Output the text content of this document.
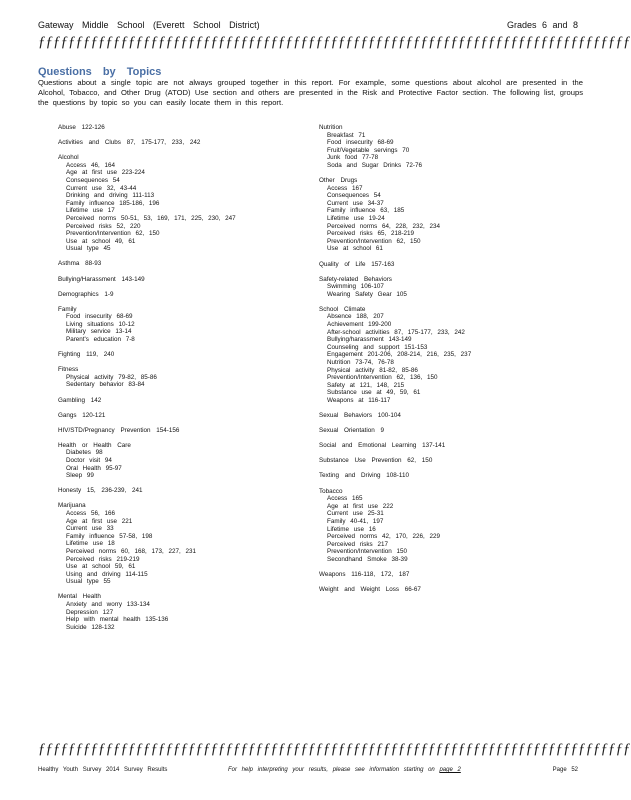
Gateway Middle School (Everett School District)	Grades 6 and 8
ƒƒƒƒƒƒƒƒƒƒƒƒƒƒƒƒƒƒƒƒƒƒƒƒƒƒƒƒƒƒƒƒƒƒƒƒƒƒƒƒƒƒƒƒƒƒƒƒƒƒƒƒƒƒƒƒƒƒƒƒƒƒƒƒƒƒƒƒƒƒƒƒƒƒƒƒƒƒƒ
Questions by Topics
Questions about a single topic are not always grouped together in this report. For example, some questions about alcohol are presented in the Alcohol, Tobacco, and Other Drug (ATOD) Use section and others are presented in the Risk and Protective Factor section. The following list, groups the questions by topic so you can easily locate them in this report.
Abuse 122-126
Activities and Clubs 87, 175-177, 233, 242
Alcohol
Access 46, 164
Age at first use 223-224
Consequences 54
Current use 32, 43-44
Drinking and driving 111-113
Family influence 185-186, 196
Lifetime use 17
Perceived norms 50-51, 53, 169, 171, 225, 230, 247
Perceived risks 52, 220
Prevention/Intervention 62, 150
Use at school 49, 61
Usual type 45
Asthma 88-93
Bullying/Harassment 143-149
Demographics 1-9
Family
Food insecurity 68-69
Living situations 10-12
Military service 13-14
Parent's education 7-8
Fighting 119, 240
Fitness
Physical activity 79-82, 85-86
Sedentary behavior 83-84
Gambling 142
Gangs 120-121
HIV/STD/Pregnancy Prevention 154-156
Health or Health Care
Diabetes 98
Doctor visit 94
Oral Health 95-97
Sleep 99
Honesty 15, 236-239, 241
Marijuana
Access 56, 166
Age at first use 221
Current use 33
Family influence 57-58, 198
Lifetime use 18
Perceived norms 60, 168, 173, 227, 231
Perceived risks 219-219
Use at school 59, 61
Using and driving 114-115
Usual type 55
Mental Health
Anxiety and worry 133-134
Depression 127
Help with mental health 135-136
Suicide 128-132
Nutrition
Breakfast 71
Food insecurity 68-69
Fruit/Vegetable servings 70
Junk food 77-78
Soda and Sugar Drinks 72-76
Other Drugs
Access 167
Consequences 54
Current use 34-37
Family influence 63, 185
Lifetime use 19-24
Perceived norms 64, 228, 232, 234
Perceived risks 65, 218-219
Prevention/Intervention 62, 150
Use at school 61
Quality of Life 157-163
Safety-related Behaviors
Swimming 106-107
Wearing Safety Gear 105
School Climate
Absence 188, 207
Achievement 199-200
After-school activities 87, 175-177, 233, 242
Bullying/harassment 143-149
Counseling and support 151-153
Engagement 201-206, 208-214, 216, 235, 237
Nutrition 73-74, 76-78
Physical activity 81-82, 85-86
Prevention/Intervention 62, 136, 150
Safety at 121, 148, 215
Substance use at 49, 59, 61
Weapons at 116-117
Sexual Behaviors 100-104
Sexual Orientation 9
Social and Emotional Learning 137-141
Substance Use Prevention 62, 150
Texting and Driving 108-110
Tobacco
Access 165
Age at first use 222
Current use 25-31
Family 40-41, 197
Lifetime use 16
Perceived norms 42, 170, 226, 229
Perceived risks 217
Prevention/Intervention 150
Secondhand Smoke 38-39
Weapons 116-118, 172, 187
Weight and Weight Loss 66-67
ƒƒƒƒƒƒƒƒƒƒƒƒƒƒƒƒƒƒƒƒƒƒƒƒƒƒƒƒƒƒƒƒƒƒƒƒƒƒƒƒƒƒƒƒƒƒƒƒƒƒƒƒƒƒƒƒƒƒƒƒƒƒƒƒƒƒƒƒƒƒƒƒƒƒƒƒƒƒƒ
Healthy Youth Survey 2014 Survey Results	For help interpreting your results, please see information starting on page 2	Page 52
